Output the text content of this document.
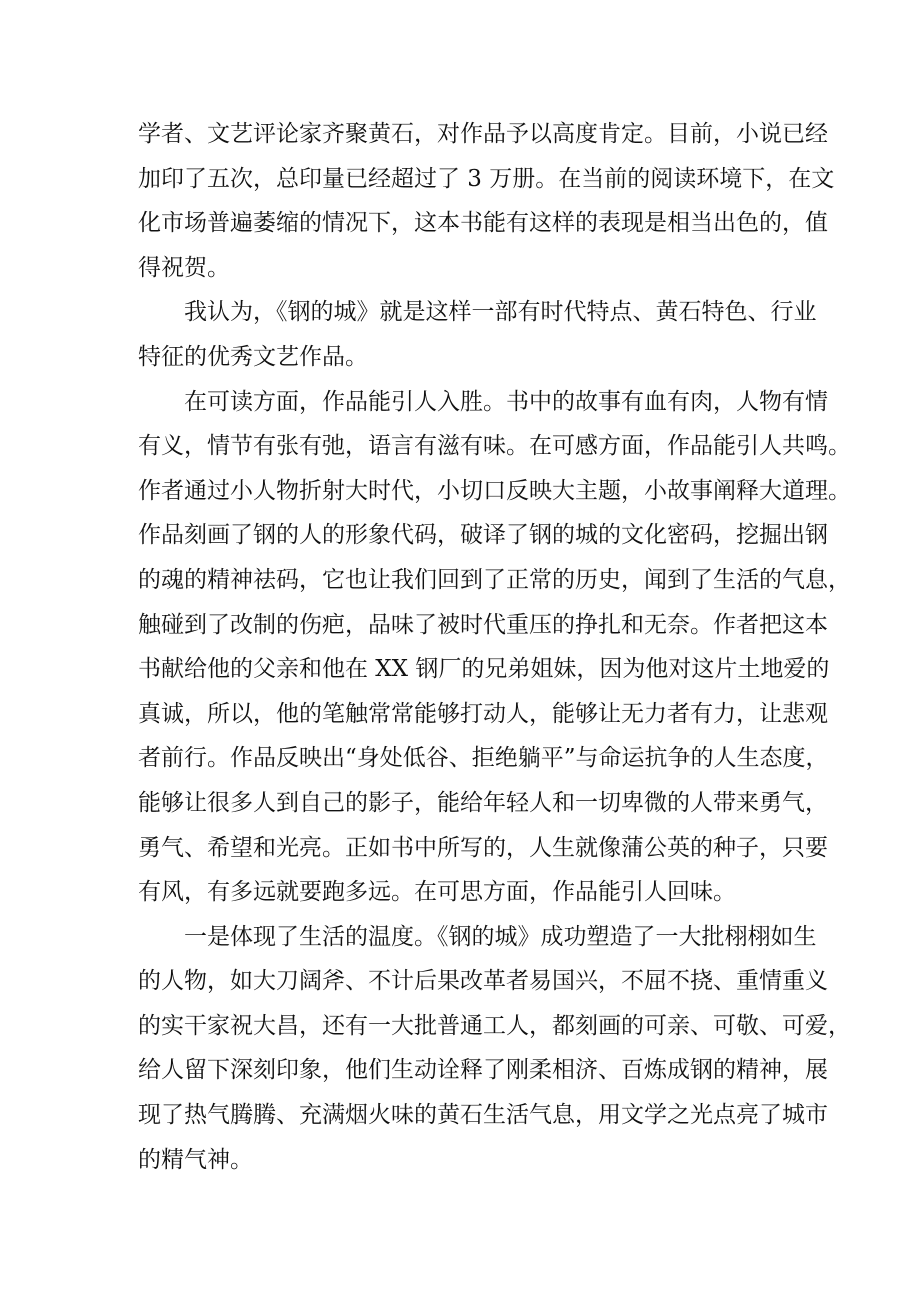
学者、文艺评论家齐聚黄石，对作品予以高度肯定。目前，小说已经
加印了五次，总印量已经超过了 3 万册。在当前的阅读环境下，在文
化市场普遍萎缩的情况下，这本书能有这样的表现是相当出色的，值
得祝贺。
我认为，《钢的城》就是这样一部有时代特点、黄石特色、行业
特征的优秀文艺作品。
在可读方面，作品能引人入胜。书中的故事有血有肉，人物有情
有义，情节有张有弛，语言有滋有味。在可感方面，作品能引人共鸣。
作者通过小人物折射大时代，小切口反映大主题，小故事阐释大道理。
作品刻画了钢的人的形象代码，破译了钢的城的文化密码，挖掘出钢
的魂的精神祛码，它也让我们回到了正常的历史，闻到了生活的气息，
触碰到了改制的伤疤，品味了被时代重压的挣扎和无奈。作者把这本
书献给他的父亲和他在 XX 钢厂的兄弟姐妹，因为他对这片土地爱的
真诚，所以，他的笔触常常能够打动人，能够让无力者有力，让悲观
者前行。作品反映出“身处低谷、拒绝躺平”与命运抗争的人生态度，
能够让很多人到自己的影子，能给年轻人和一切卑微的人带来勇气，
勇气、希望和光亮。正如书中所写的，人生就像蒲公英的种子，只要
有风，有多远就要跑多远。在可思方面，作品能引人回味。
一是体现了生活的温度。《钢的城》成功塑造了一大批栩栩如生
的人物，如大刀阔斧、不计后果改革者易国兴，不屈不挠、重情重义
的实干家祝大昌，还有一大批普通工人，都刻画的可亲、可敬、可爱，
给人留下深刻印象，他们生动诠释了刚柔相济、百炼成钢的精神，展
现了热气腾腾、充满烟火味的黄石生活气息，用文学之光点亮了城市
的精气神。
